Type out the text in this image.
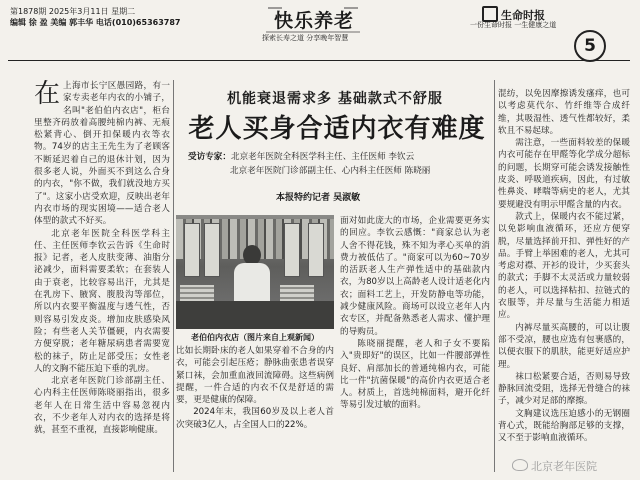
第1878期 2025年3月11日 星期二
编辑 徐 盈 美编 郭丰华 电话(010)65363787	快乐养老
探索长寿之道 分享晚年智慧
生命时报
一份生命时报 一生健康之道
5
在 上海市长宁区愚园路，有一家专卖老年内衣的小铺子，名叫"老伯伯内衣店"，柜台里整齐码放着高腰纯棉内裤、无痕松紧背心、倒开扣保暖内衣等衣物。74岁的店主王先生为了老顾客不断延迟着自己的退休计划，因为很多老人说，外面买不到这么合身的内衣，"你不做，我们就没地方买了"。这家小店受欢迎，反映出老年内衣市场的现实困境——适合老人体型的款式不好买。

北京老年医院全科医学科主任、主任医师李钦云告诉《生命时报》记者，老人皮肤变薄、油脂分泌减少，面料需要柔软；在套装人由于衰老，比较容易出汗，尤其是在乳房下、腋窝、腹股沟等部位，所以内衣要平衡温度与透气性，否则容易引发皮炎。增加皮肤感染风险；有些老人关节僵硬，内衣需要方便穿脱；老年糖尿病患者需要宽松的袜子，防止足部受压；女性老人的文胸不能压迫下垂的乳房。

北京老年医院门诊部副主任、心内科主任医师陈晓丽指出，很多老年人在日常生活中容易忽视内衣，不少老年人对内衣的选择是将就，甚至不重视，直接影响健康。

机能衰退需求多 基础款式不舒服
老人买身合适内衣有难度
受访专家：北京老年医院全科医学科主任、主任医师 李钦云
北京老年医院门诊部副主任、心内科主任医师 陈晓丽
本报特约记者 吴淑敏
老伯伯内衣店（图片来自上观新闻）

比如长期卧床的老人如果穿着不合身的内衣，可能会引起压疮；静脉曲张患者误穿紧口袜，会加重血液回流障碍。这些病例提醒，一件合适的内衣不仅是舒适的需要，更是健康的保障。

2024年末，我国60岁及以上老人首次突破3亿人，占全国人口的22%。

面对如此庞大的市场，企业需要更务实的回应。李钦云感慨："商家总认为老人舍不得花钱，殊不知为孝心买单的消费力被低估了。"商家可以为60~70岁的活跃老人生产弹性适中的基础款内衣，为80岁以上高龄老人设计适老化内衣；面料工艺上，开发防静电等功能，减少健康风险。商场可以设立老年人内衣专区，并配备熟悉老人需求、懂护理的导购员。

陈晓丽提醒，老人和子女不要陷入"贵即好"的误区，比如一件腰部弹性良好、肩部加长的普通纯棉内衣，可能比一件"抗菌保暖"的高价内衣更适合老人。材质上，首选纯棉面料，避开化纤等易引发过敏的面料。

混纺，以免因摩擦诱发瘙痒，也可以考虑莫代尔、竹纤维等合成纤维，其吸湿性、透气性都较好，柔软且不易起球。

需注意，一些面料较差的保暖内衣可能存在甲醛等化学成分超标的问题，长期穿可能会诱发接触性皮炎、呼吸道疾病，因此，有过敏性鼻炎、哮喘等病史的老人，尤其要规避没有明示甲醛含量的内衣。

款式上，保暖内衣不能过紧，以免影响血液循环，还应方便穿脱，尽量选择前开扣、弹性好的产品。手臂上举困难的老人，尤其可考虑对襟、开衫的设计，少买套头的款式；手脚不太灵活或力量较弱的老人，可以选择粘扣、拉链式的衣服等，并尽量与生活能力相适应。

内裤尽量买高腰的，可以让腹部不受凉，腰也应选有包裹感的，以便衣服下的肌肤，能更好适应护理。

袜口松紧要合适，否则易导致静脉回流受阻，选择无骨缝合的袜子，减少对足部的摩擦。

文胸建议选压迫感小的无钢圈背心式，既能给胸部足够的支撑，又不至于影响血液循环。

北京老年医院
